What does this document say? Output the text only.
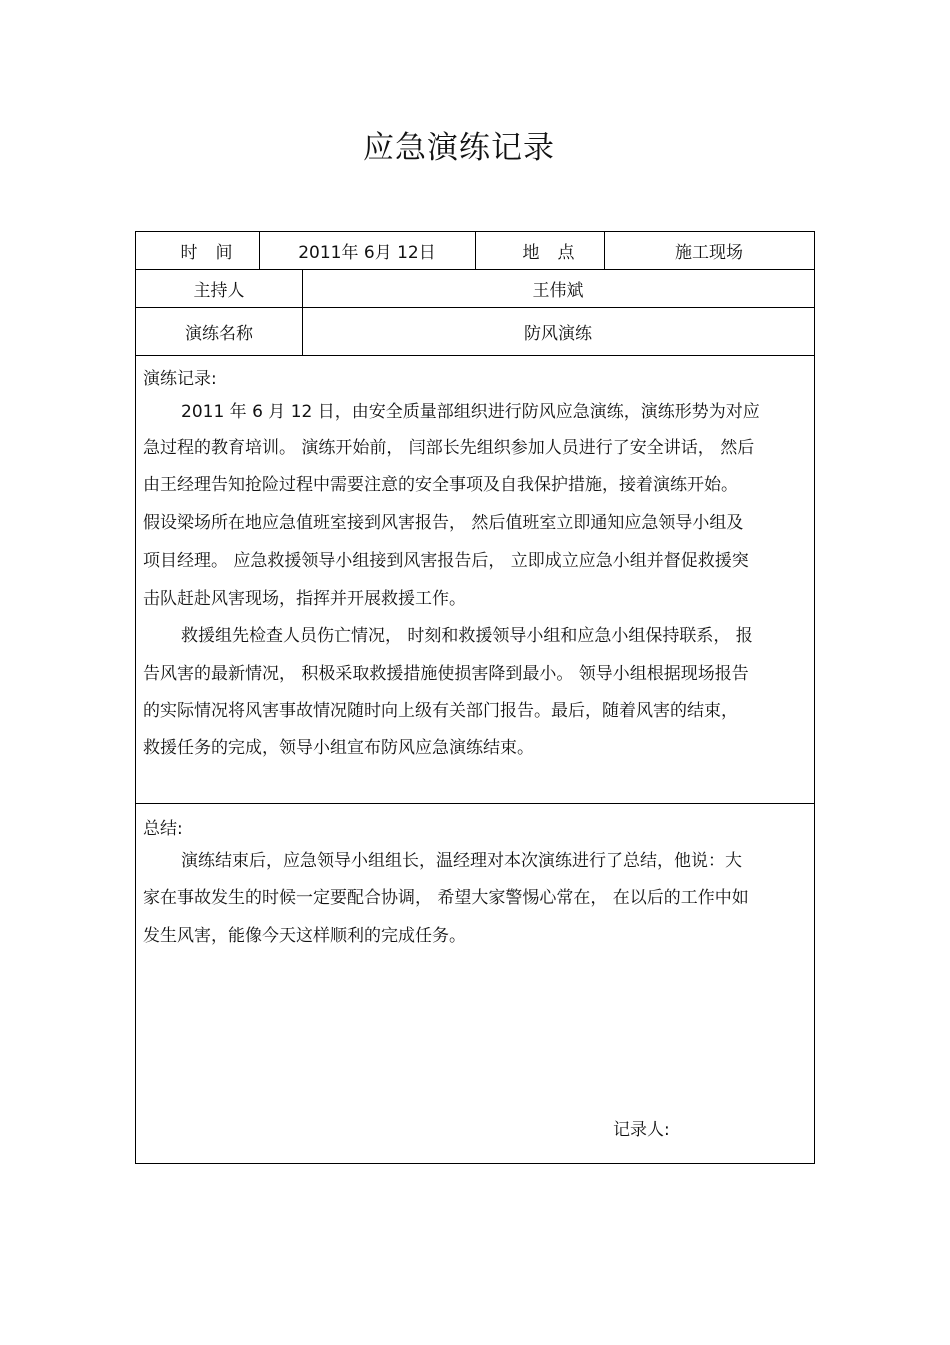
应急演练记录
时间	2011年 6月 12日	地点	施工现场
主持人	王伟斌
演练名称	防风演练
演练记录:
2011 年 6 月 12 日，由安全质量部组织进行防风应急演练，演练形势为对应
急过程的教育培训。 演练开始前， 闫部长先组织参加人员进行了安全讲话， 然后
由王经理告知抢险过程中需要注意的安全事项及自我保护措施，接着演练开始。
假设梁场所在地应急值班室接到风害报告， 然后值班室立即通知应急领导小组及
项目经理。 应急救援领导小组接到风害报告后， 立即成立应急小组并督促救援突
击队赶赴风害现场，指挥并开展救援工作。
救援组先检查人员伤亡情况， 时刻和救援领导小组和应急小组保持联系， 报
告风害的最新情况， 积极采取救援措施使损害降到最小。 领导小组根据现场报告
的实际情况将风害事故情况随时向上级有关部门报告。最后，随着风害的结束，
救援任务的完成，领导小组宣布防风应急演练结束。
总结:
演练结束后，应急领导小组组长，温经理对本次演练进行了总结，他说：大
家在事故发生的时候一定要配合协调， 希望大家警惕心常在， 在以后的工作中如
发生风害，能像今天这样顺利的完成任务。
记录人:
